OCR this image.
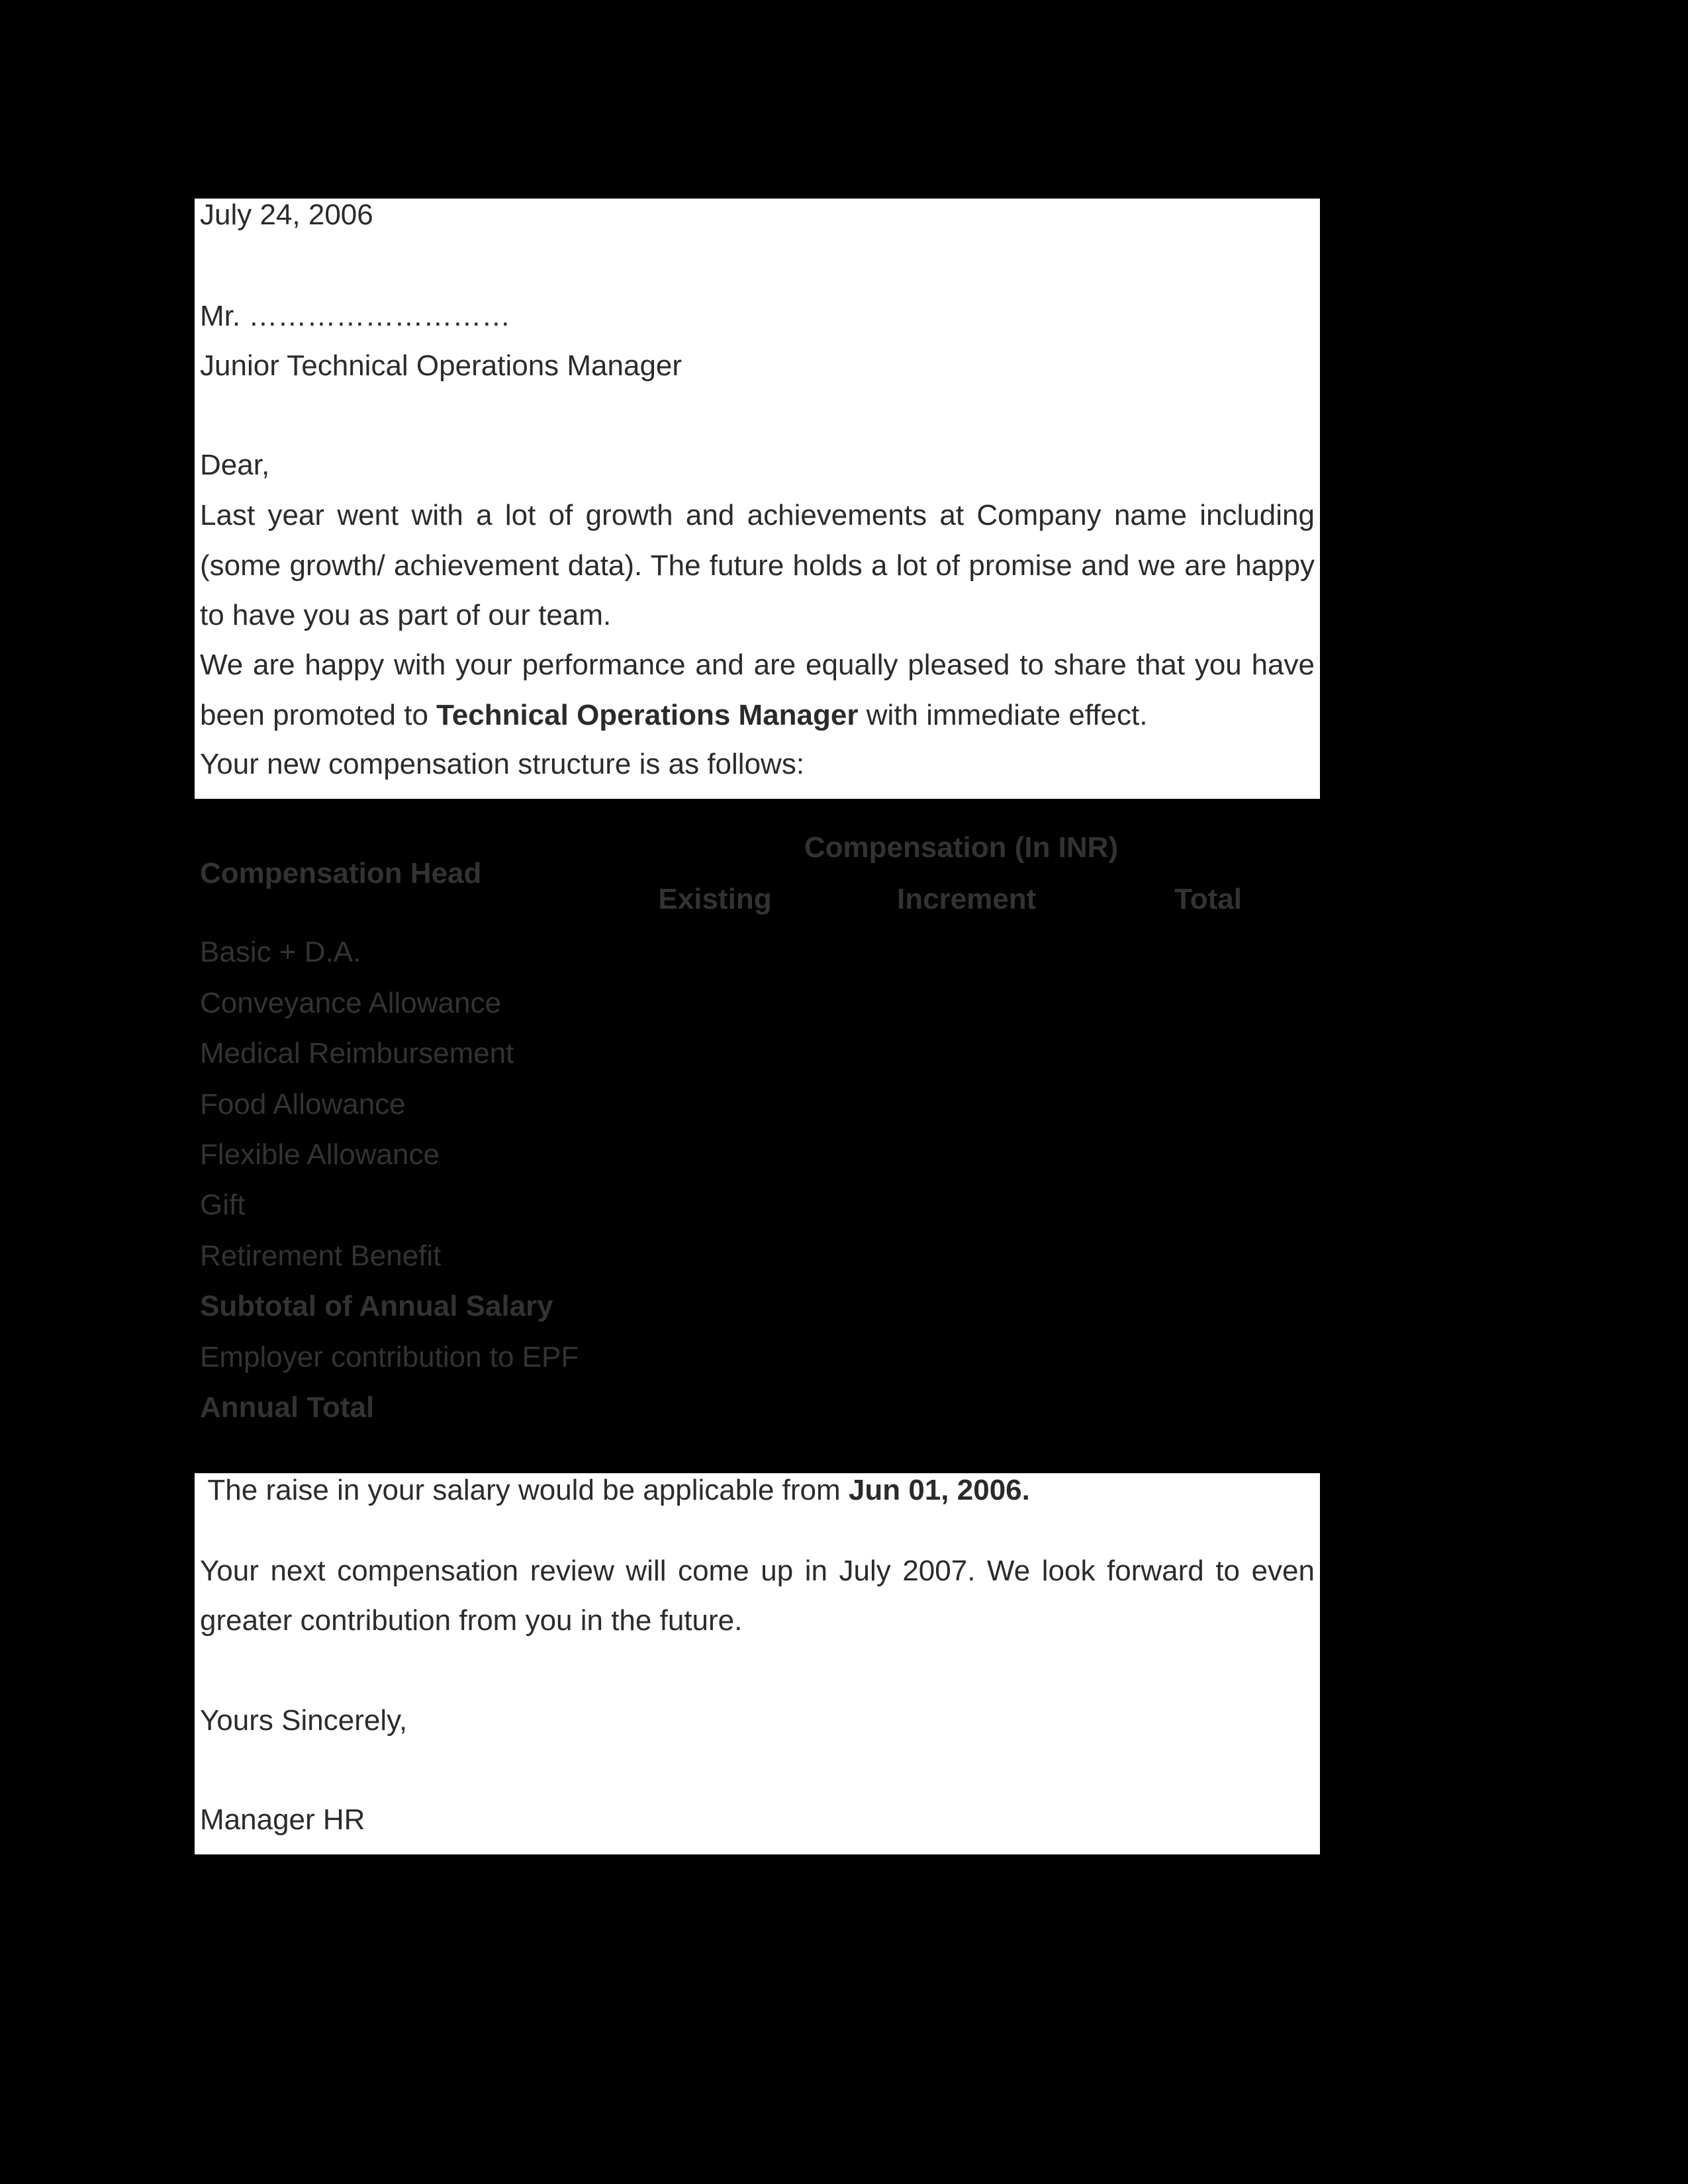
July 24, 2006
Mr. ………………………
Junior Technical Operations Manager
Dear,
Last year went with a lot of growth and achievements at Company name including
(some growth/ achievement data). The future holds a lot of promise and we are happy
to have you as part of our team.
We are happy with your performance and are equally pleased to share that you have
been promoted to Technical Operations Manager with immediate effect.
Your new compensation structure is as follows:
Compensation (In INR)
Compensation Head
Existing	Increment	Total
Basic + D.A.
Conveyance Allowance
Medical Reimbursement
Food Allowance
Flexible Allowance
Gift
Retirement Benefit
Subtotal of Annual Salary
Employer contribution to EPF
Annual Total
The raise in your salary would be applicable from Jun 01, 2006.
Your next compensation review will come up in July 2007. We look forward to even
greater contribution from you in the future.
Yours Sincerely,
Manager HR
